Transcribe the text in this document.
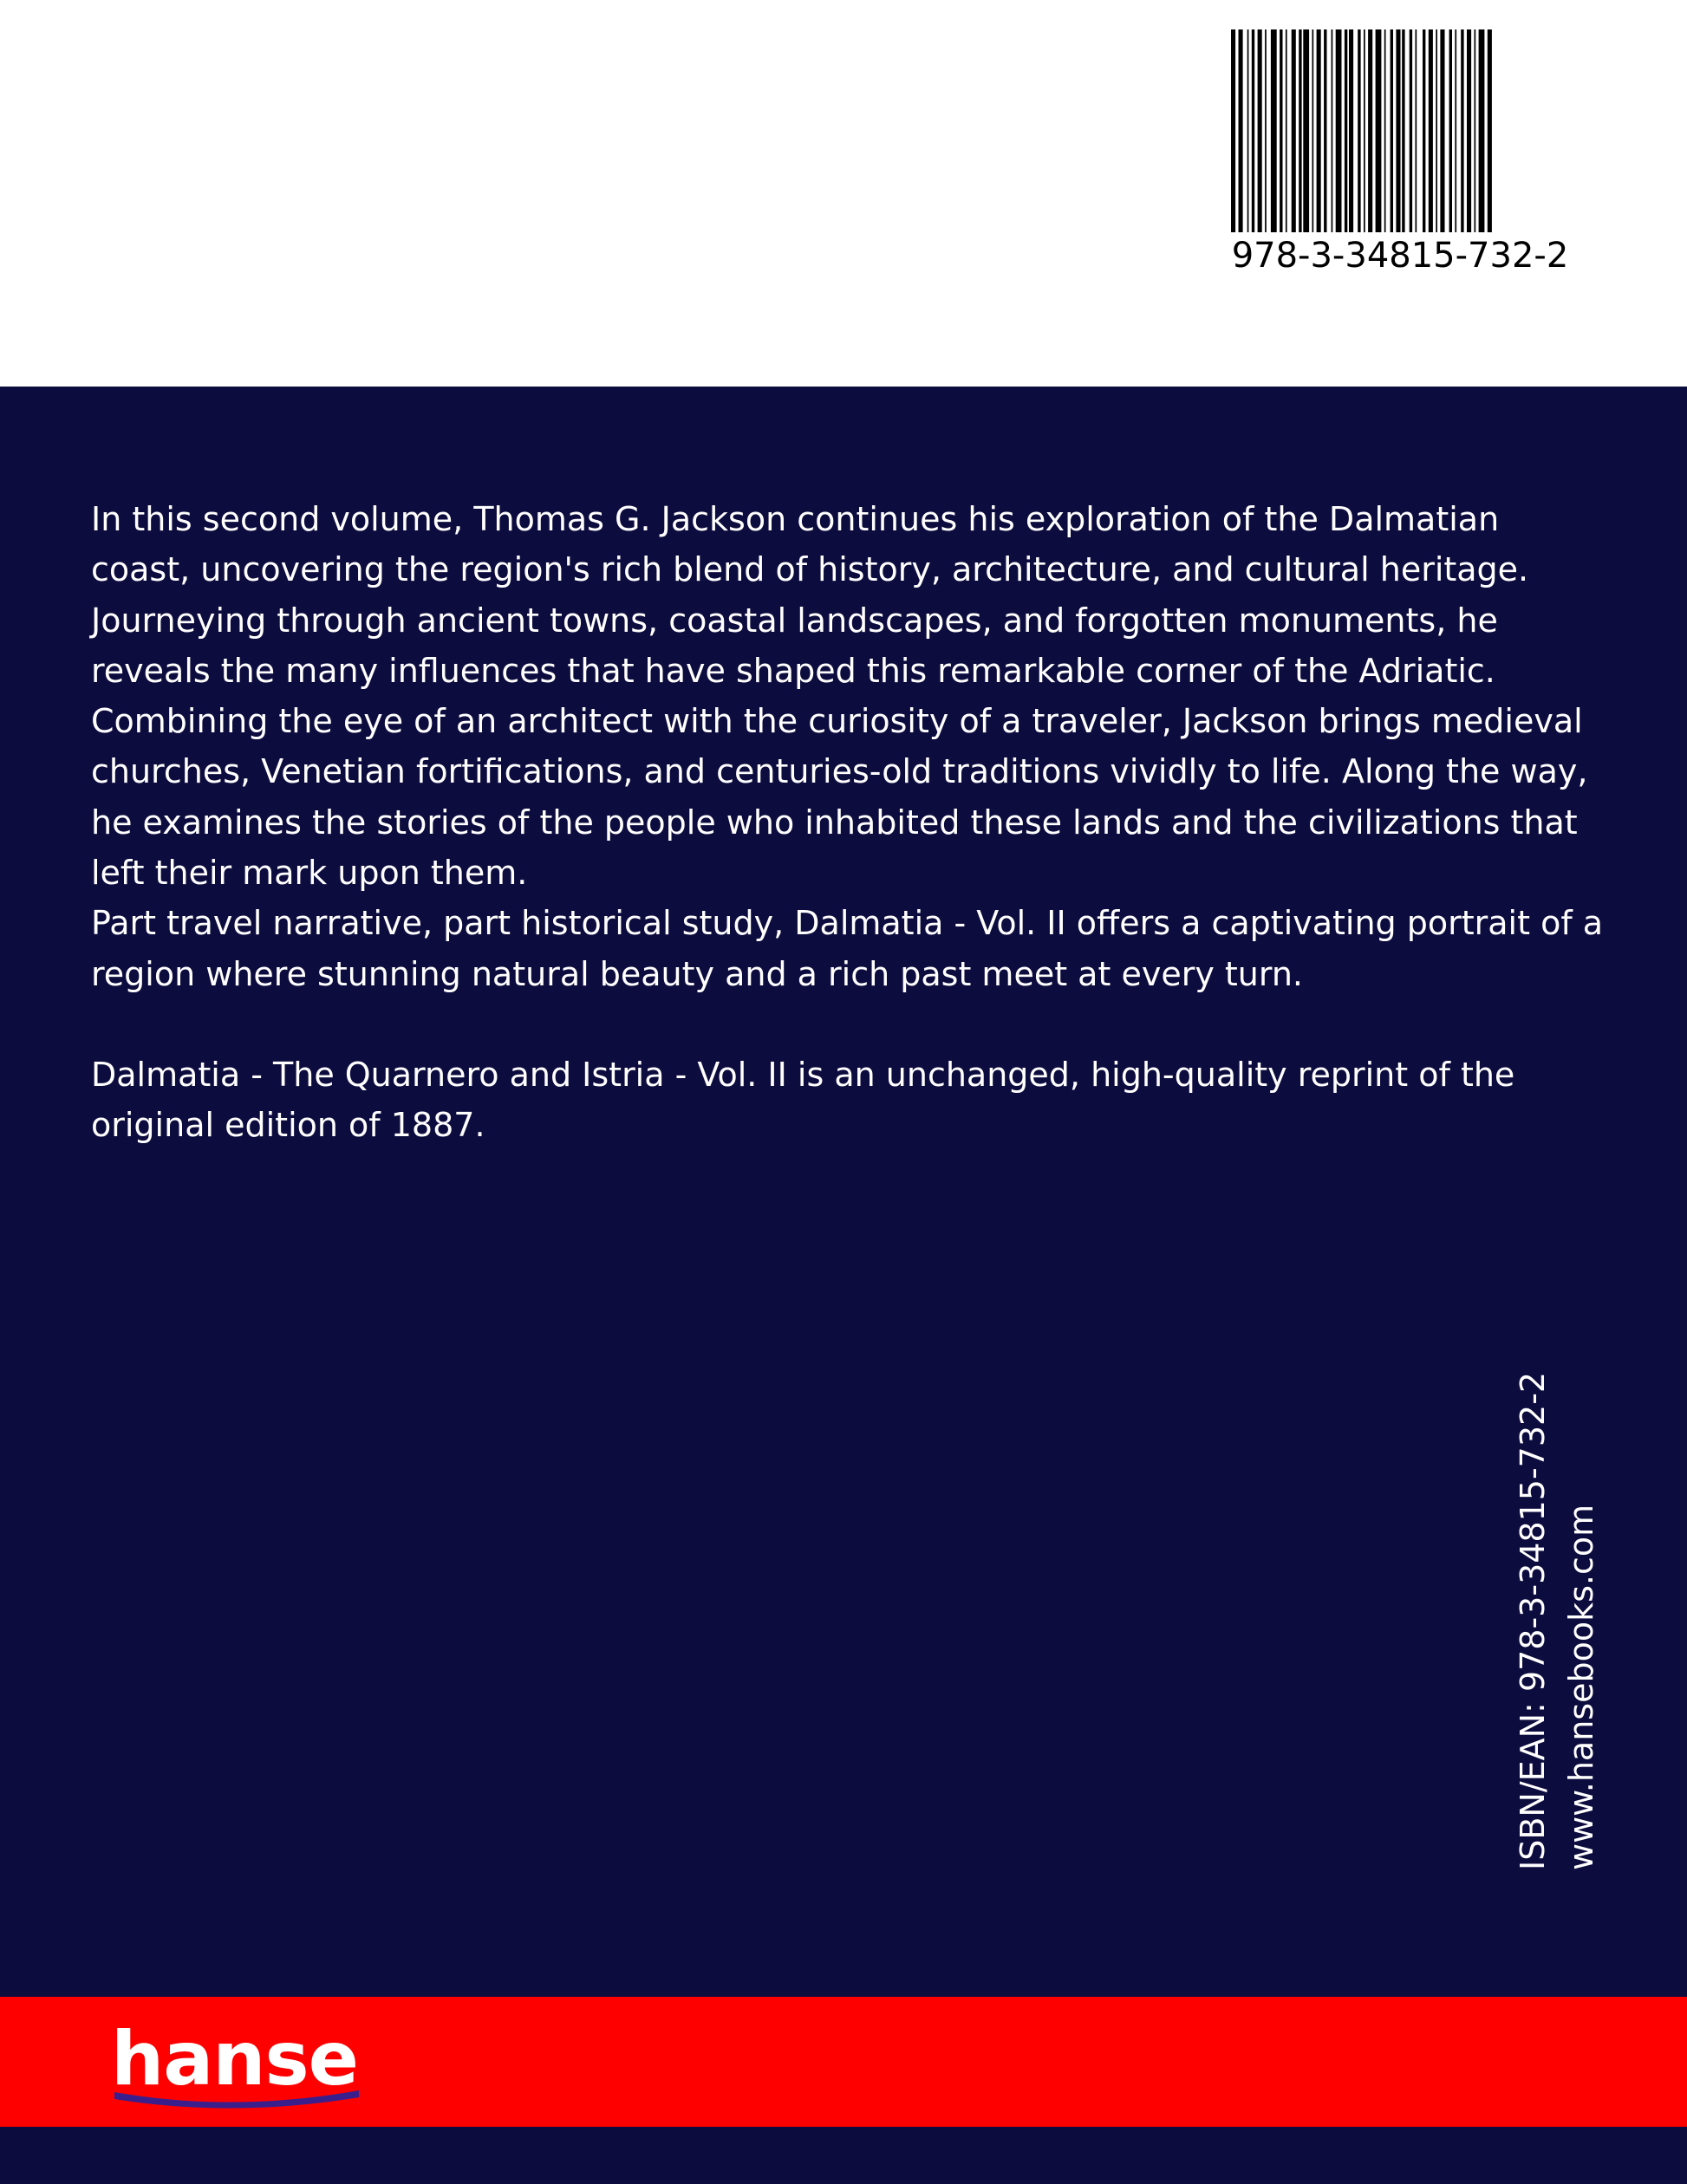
978-3-34815-732-2

In this second volume, Thomas G. Jackson continues his exploration of the Dalmatian coast, uncovering the region's rich blend of history, architecture, and cultural heritage. Journeying through ancient towns, coastal landscapes, and forgotten monuments, he reveals the many influences that have shaped this remarkable corner of the Adriatic.

Combining the eye of an architect with the curiosity of a traveler, Jackson brings medieval churches, Venetian fortifications, and centuries-old traditions vividly to life. Along the way, he examines the stories of the people who inhabited these lands and the civilizations that left their mark upon them.

Part travel narrative, part historical study, Dalmatia - Vol. II offers a captivating portrait of a region where stunning natural beauty and a rich past meet at every turn.

Dalmatia - The Quarnero and Istria - Vol. II is an unchanged, high-quality reprint of the original edition of 1887.

ISBN/EAN: 978-3-34815-732-2 www.hansebooks.com
hanse
